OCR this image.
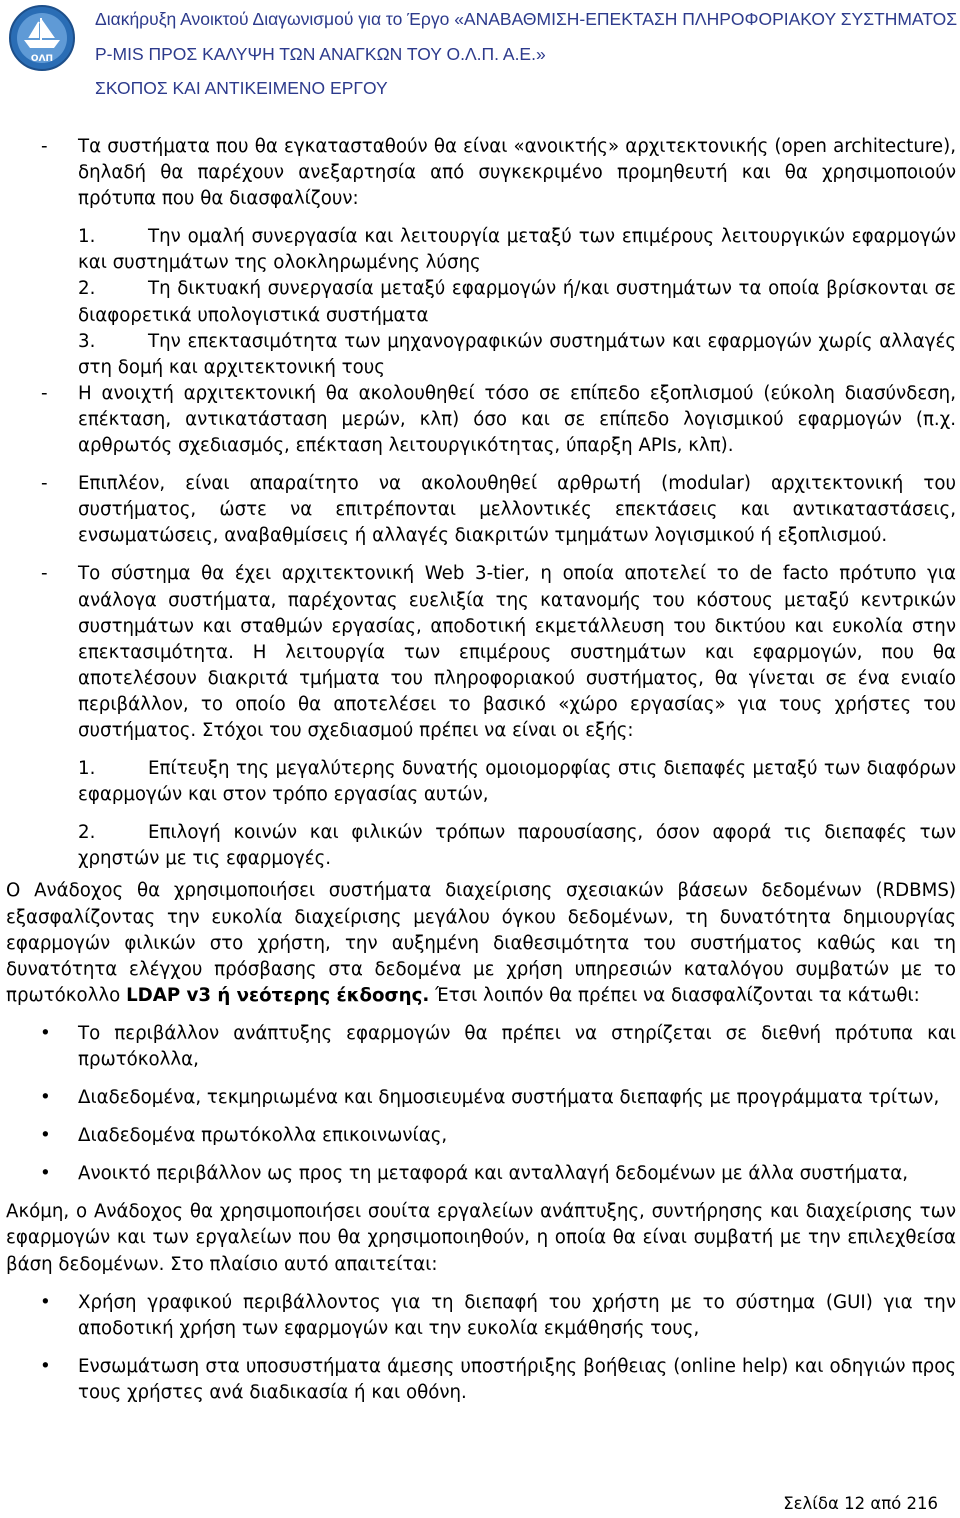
ΟΛΠ
Διακήρυξη Ανοικτού Διαγωνισμού για το Έργο «ΑΝΑΒΑΘΜΙΣΗ-ΕΠΕΚΤΑΣΗ ΠΛΗΡΟΦΟΡΙΑΚΟΥ ΣΥΣΤΗΜΑΤΟΣ
P-MIS ΠΡΟΣ ΚΑΛΥΨΗ ΤΩΝ ΑΝΑΓΚΩΝ ΤΟΥ Ο.Λ.Π. Α.Ε.»
ΣΚΟΠΟΣ ΚΑΙ ΑΝΤΙΚΕΙΜΕΝΟ ΕΡΓΟΥ

- Τα συστήματα που θα εγκατασταθούν θα είναι «ανοικτής» αρχιτεκτονικής (open architecture), δηλαδή θα παρέχουν ανεξαρτησία από συγκεκριμένο προμηθευτή και θα χρησιμοποιούν πρότυπα που θα διασφαλίζουν:

1.	Την ομαλή συνεργασία και λειτουργία μεταξύ των επιμέρους λειτουργικών εφαρμογών και συστημάτων της ολοκληρωμένης λύσης

2.	Τη δικτυακή συνεργασία μεταξύ εφαρμογών ή/και συστημάτων τα οποία βρίσκονται σε διαφορετικά υπολογιστικά συστήματα

3.	Την επεκτασιμότητα των μηχανογραφικών συστημάτων και εφαρμογών χωρίς αλλαγές στη δομή και αρχιτεκτονική τους

- Η ανοιχτή αρχιτεκτονική θα ακολουθηθεί τόσο σε επίπεδο εξοπλισμού (εύκολη διασύνδεση, επέκταση, αντικατάσταση μερών, κλπ) όσο και σε επίπεδο λογισμικού εφαρμογών (π.χ. αρθρωτός σχεδιασμός, επέκταση λειτουργικότητας, ύπαρξη APIs, κλπ).

- Επιπλέον, είναι απαραίτητο να ακολουθηθεί αρθρωτή (modular) αρχιτεκτονική του συστήματος, ώστε να επιτρέπονται μελλοντικές επεκτάσεις και αντικαταστάσεις, ενσωματώσεις, αναβαθμίσεις ή αλλαγές διακριτών τμημάτων λογισμικού ή εξοπλισμού.

- Το σύστημα θα έχει αρχιτεκτονική Web 3-tier, η οποία αποτελεί το de facto πρότυπο για ανάλογα συστήματα, παρέχοντας ευελιξία της κατανομής του κόστους μεταξύ κεντρικών συστημάτων και σταθμών εργασίας, αποδοτική εκμετάλλευση του δικτύου και ευκολία στην επεκτασιμότητα. Η λειτουργία των επιμέρους συστημάτων και εφαρμογών, που θα αποτελέσουν διακριτά τμήματα του πληροφοριακού συστήματος, θα γίνεται σε ένα ενιαίο περιβάλλον, το οποίο θα αποτελέσει το βασικό «χώρο εργασίας» για τους χρήστες του συστήματος. Στόχοι του σχεδιασμού πρέπει να είναι οι εξής:

1.	Επίτευξη της μεγαλύτερης δυνατής ομοιομορφίας στις διεπαφές μεταξύ των διαφόρων εφαρμογών και στον τρόπο εργασίας αυτών,

2.	Επιλογή κοινών και φιλικών τρόπων παρουσίασης, όσον αφορά τις διεπαφές των χρηστών με τις εφαρμογές.

Ο Ανάδοχος θα χρησιμοποιήσει συστήματα διαχείρισης σχεσιακών βάσεων δεδομένων (RDBMS) εξασφαλίζοντας την ευκολία διαχείρισης μεγάλου όγκου δεδομένων, τη δυνατότητα δημιουργίας εφαρμογών φιλικών στο χρήστη, την αυξημένη διαθεσιμότητα του συστήματος καθώς και τη δυνατότητα ελέγχου πρόσβασης στα δεδομένα με χρήση υπηρεσιών καταλόγου συμβατών με το πρωτόκολλο LDAP v3 ή νεότερης έκδοσης. Έτσι λοιπόν θα πρέπει να διασφαλίζονται τα κάτωθι:

• Το περιβάλλον ανάπτυξης εφαρμογών θα πρέπει να στηρίζεται σε διεθνή πρότυπα και πρωτόκολλα,

• Διαδεδομένα, τεκμηριωμένα και δημοσιευμένα συστήματα διεπαφής με προγράμματα τρίτων,

• Διαδεδομένα πρωτόκολλα επικοινωνίας,

• Ανοικτό περιβάλλον ως προς τη μεταφορά και ανταλλαγή δεδομένων με άλλα συστήματα,

Ακόμη, ο Ανάδοχος θα χρησιμοποιήσει σουίτα εργαλείων ανάπτυξης, συντήρησης και διαχείρισης των εφαρμογών και των εργαλείων που θα χρησιμοποιηθούν, η οποία θα είναι συμβατή με την επιλεχθείσα βάση δεδομένων. Στο πλαίσιο αυτό απαιτείται:

• Χρήση γραφικού περιβάλλοντος για τη διεπαφή του χρήστη με το σύστημα (GUI) για την αποδοτική χρήση των εφαρμογών και την ευκολία εκμάθησής τους,

• Ενσωμάτωση στα υποσυστήματα άμεσης υποστήριξης βοήθειας (online help) και οδηγιών προς τους χρήστες ανά διαδικασία ή και οθόνη.

Σελίδα 12 από 216
